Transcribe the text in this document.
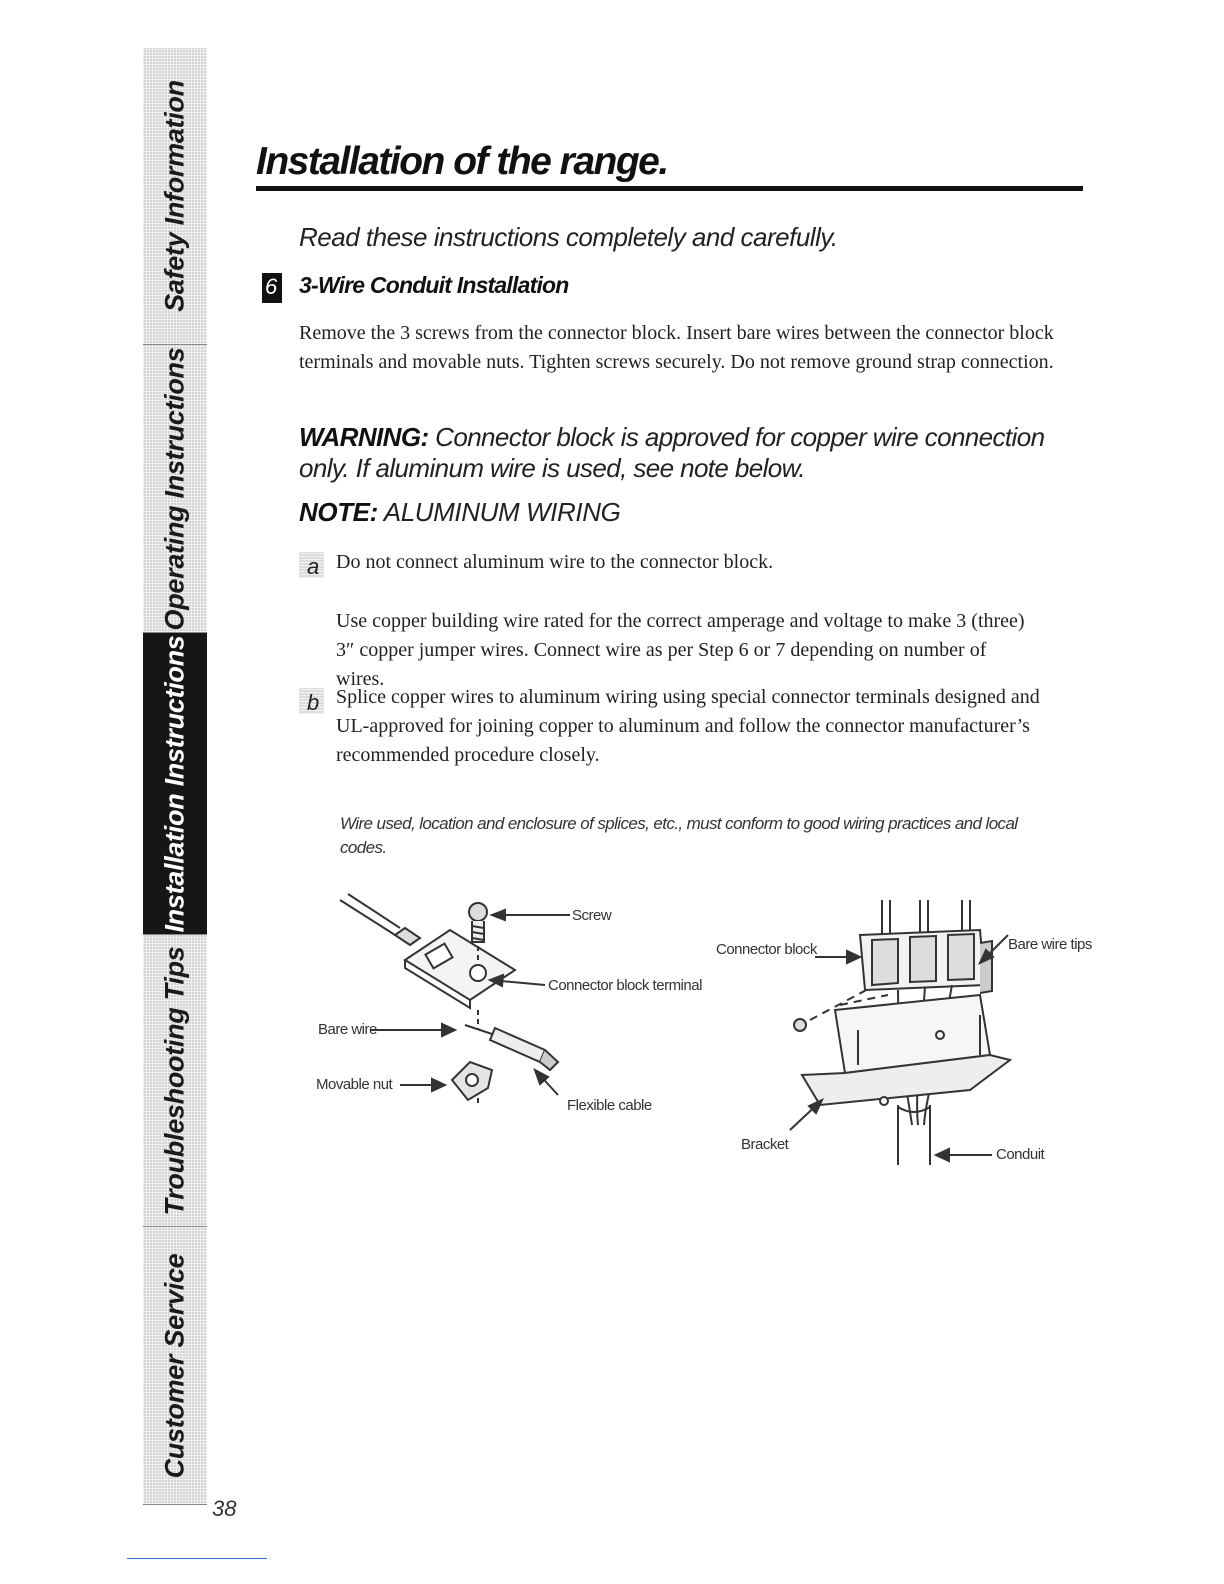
Safety Information
Operating Instructions
Installation Instructions
Troubleshooting Tips
Customer Service
38
Installation of the range.
Read these instructions completely and carefully.
6 3-Wire Conduit Installation
Remove the 3 screws from the connector block. Insert bare wires between the connector block terminals and movable nuts. Tighten screws securely. Do not remove ground strap connection.
WARNING: Connector block is approved for copper wire connection only. If aluminum wire is used, see note below.
NOTE: ALUMINUM WIRING
a Do not connect aluminum wire to the connector block.
Use copper building wire rated for the correct amperage and voltage to make 3 (three) 3″ copper jumper wires. Connect wire as per Step 6 or 7 depending on number of wires.
b Splice copper wires to aluminum wiring using special connector terminals designed and UL-approved for joining copper to aluminum and follow the connector manufacturer’s recommended procedure closely.
Wire used, location and enclosure of splices, etc., must conform to good wiring practices and local codes.
Screw
Connector block terminal
Bare wire
Movable nut
Flexible cable
Connector block	Bare wire tips
Bracket
Conduit
